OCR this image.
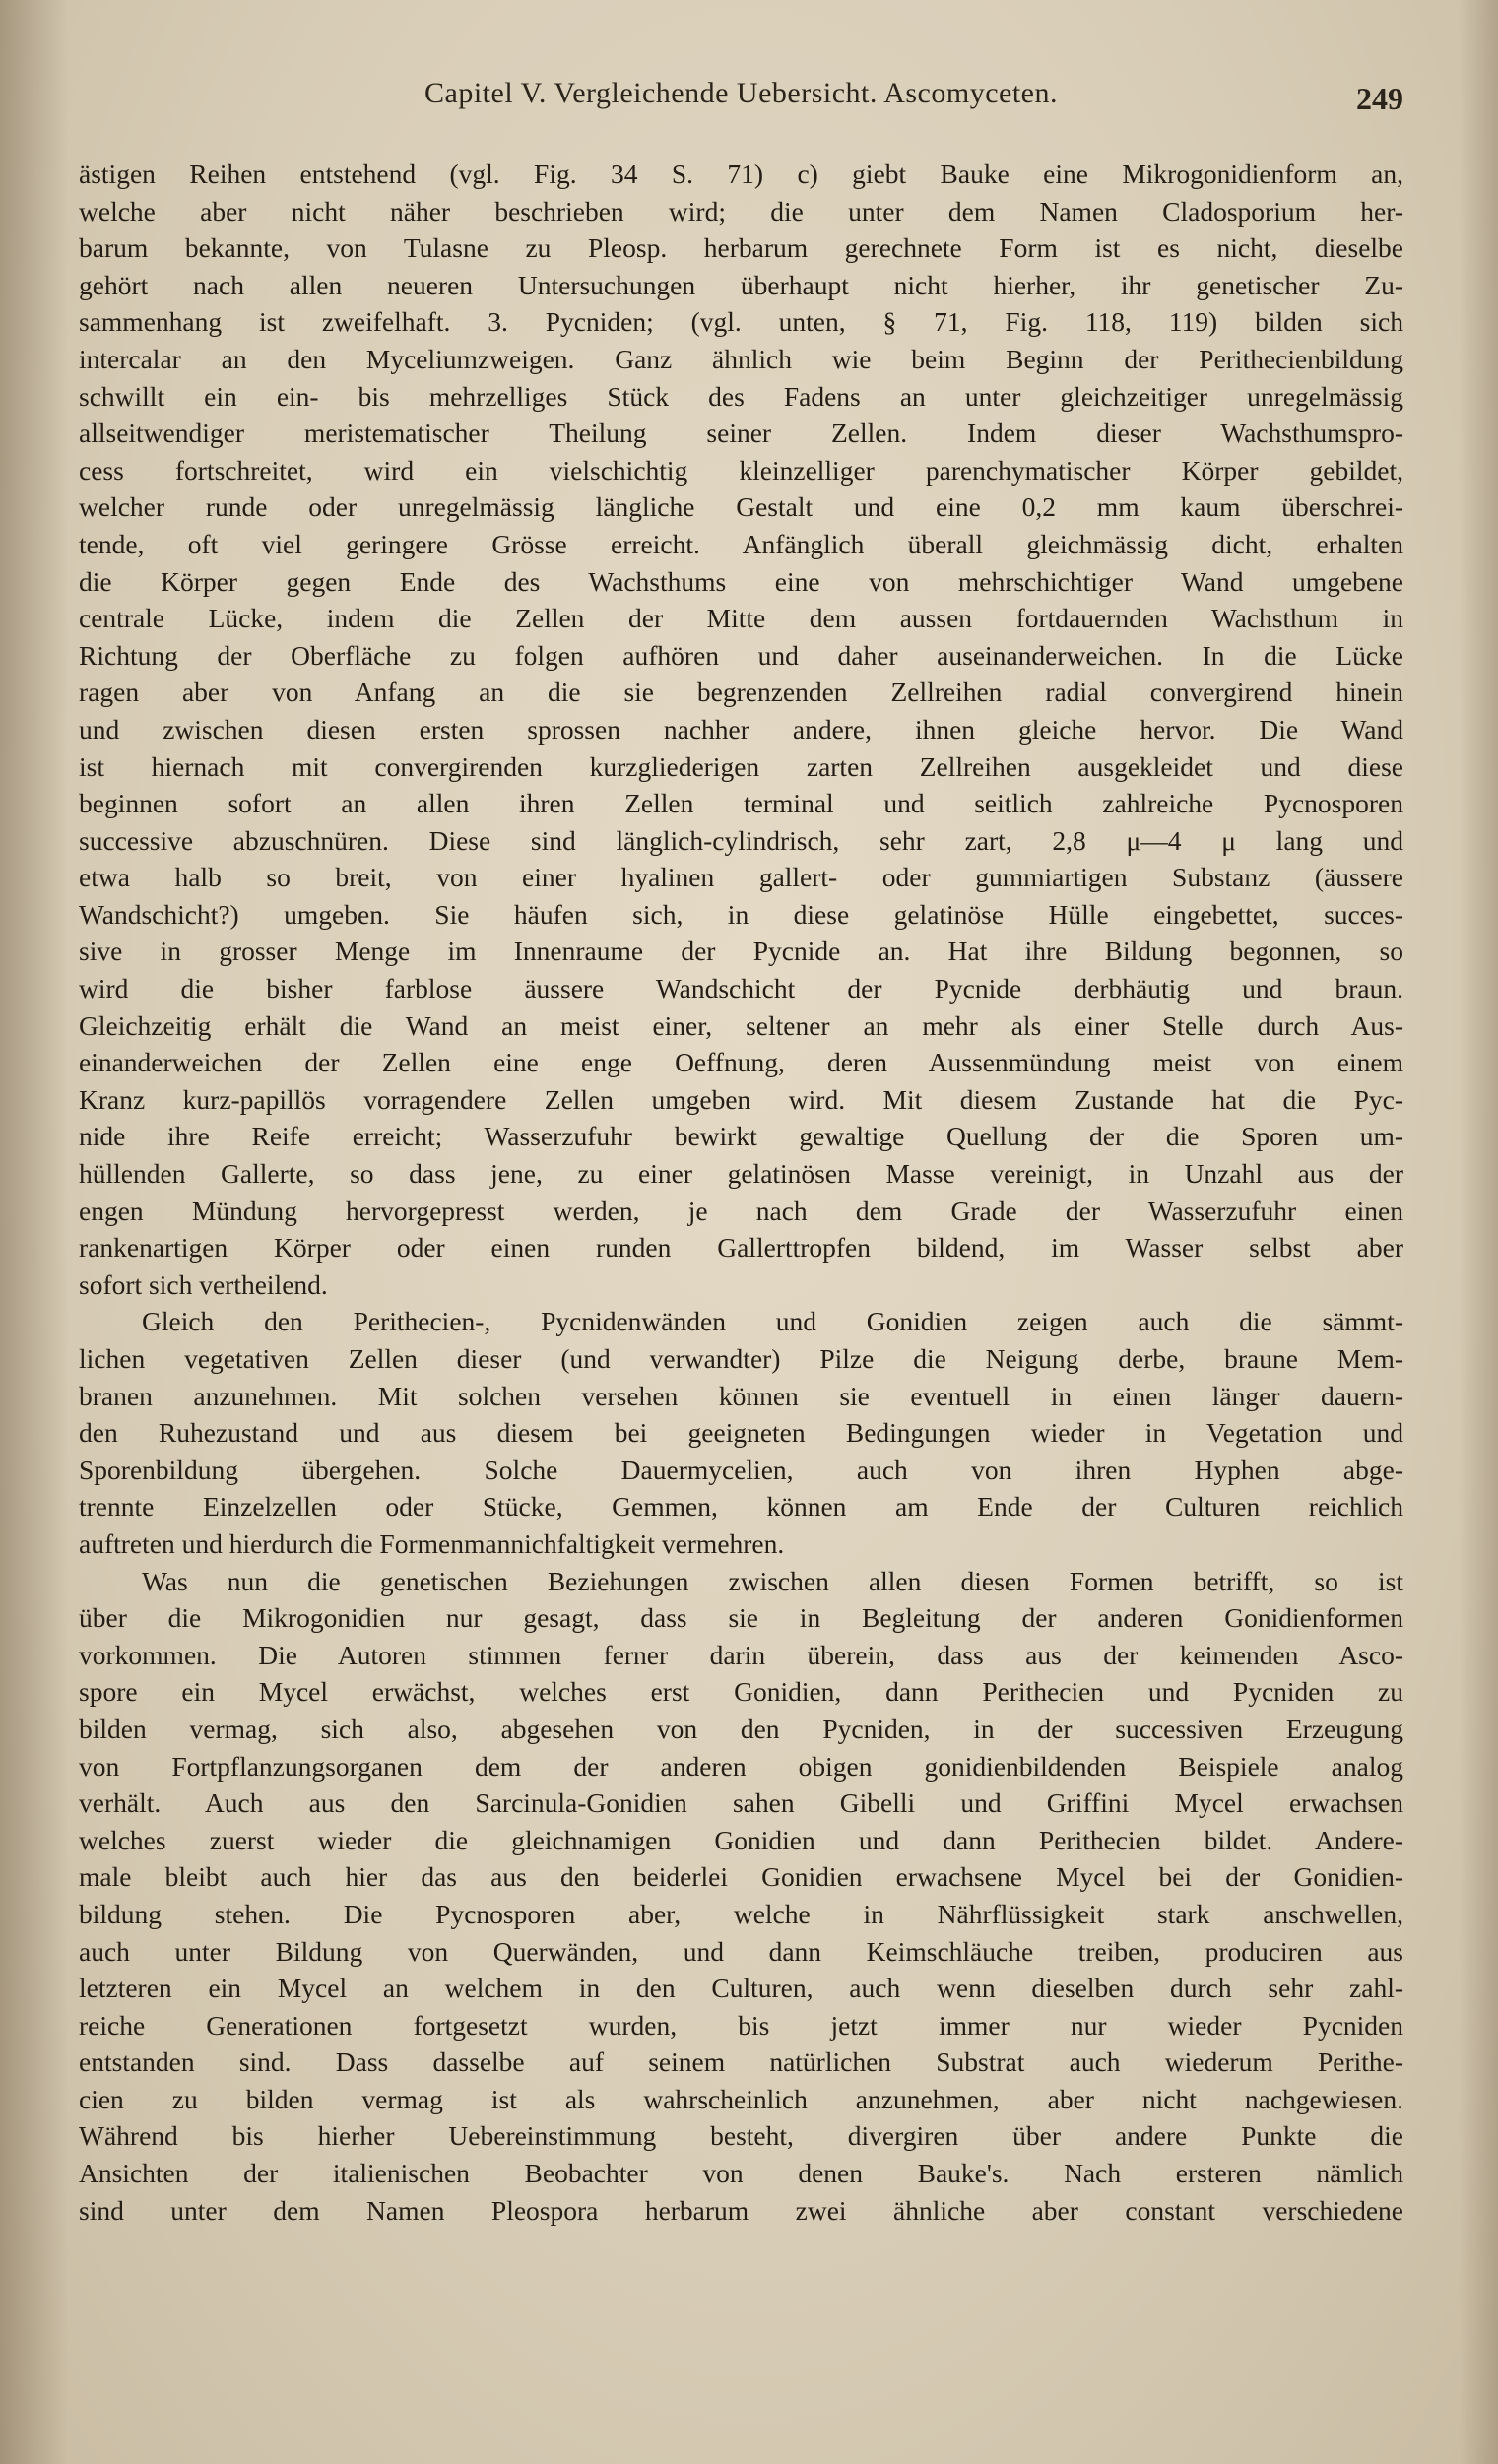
Capitel V. Vergleichende Uebersicht. Ascomyceten.	249
ästigen Reihen entstehend (vgl. Fig. 34 S. 71) c) giebt Bauke eine Mikrogonidienform an,
welche aber nicht näher beschrieben wird; die unter dem Namen Cladosporium her-
barum bekannte, von Tulasne zu Pleosp. herbarum gerechnete Form ist es nicht, dieselbe
gehört nach allen neueren Untersuchungen überhaupt nicht hierher, ihr genetischer Zu-
sammenhang ist zweifelhaft. 3. Pycniden; (vgl. unten, § 71, Fig. 118, 119) bilden sich
intercalar an den Myceliumzweigen. Ganz ähnlich wie beim Beginn der Perithecienbildung
schwillt ein ein- bis mehrzelliges Stück des Fadens an unter gleichzeitiger unregelmässig
allseitwendiger meristematischer Theilung seiner Zellen. Indem dieser Wachsthumspro-
cess fortschreitet, wird ein vielschichtig kleinzelliger parenchymatischer Körper gebildet,
welcher runde oder unregelmässig längliche Gestalt und eine 0,2 mm kaum überschrei-
tende, oft viel geringere Grösse erreicht. Anfänglich überall gleichmässig dicht, erhalten
die Körper gegen Ende des Wachsthums eine von mehrschichtiger Wand umgebene
centrale Lücke, indem die Zellen der Mitte dem aussen fortdauernden Wachsthum in
Richtung der Oberfläche zu folgen aufhören und daher auseinanderweichen. In die Lücke
ragen aber von Anfang an die sie begrenzenden Zellreihen radial convergirend hinein
und zwischen diesen ersten sprossen nachher andere, ihnen gleiche hervor. Die Wand
ist hiernach mit convergirenden kurzgliederigen zarten Zellreihen ausgekleidet und diese
beginnen sofort an allen ihren Zellen terminal und seitlich zahlreiche Pycnosporen
successive abzuschnüren. Diese sind länglich-cylindrisch, sehr zart, 2,8 μ—4 μ lang und
etwa halb so breit, von einer hyalinen gallert- oder gummiartigen Substanz (äussere
Wandschicht?) umgeben. Sie häufen sich, in diese gelatinöse Hülle eingebettet, succes-
sive in grosser Menge im Innenraume der Pycnide an. Hat ihre Bildung begonnen, so
wird die bisher farblose äussere Wandschicht der Pycnide derbhäutig und braun.
Gleichzeitig erhält die Wand an meist einer, seltener an mehr als einer Stelle durch Aus-
einanderweichen der Zellen eine enge Oeffnung, deren Aussenmündung meist von einem
Kranz kurz-papillös vorragendere Zellen umgeben wird. Mit diesem Zustande hat die Pyc-
nide ihre Reife erreicht; Wasserzufuhr bewirkt gewaltige Quellung der die Sporen um-
hüllenden Gallerte, so dass jene, zu einer gelatinösen Masse vereinigt, in Unzahl aus der
engen Mündung hervorgepresst werden, je nach dem Grade der Wasserzufuhr einen
rankenartigen Körper oder einen runden Gallerttropfen bildend, im Wasser selbst aber
sofort sich vertheilend.
Gleich den Perithecien-, Pycnidenwänden und Gonidien zeigen auch die sämmt-
lichen vegetativen Zellen dieser (und verwandter) Pilze die Neigung derbe, braune Mem-
branen anzunehmen. Mit solchen versehen können sie eventuell in einen länger dauern-
den Ruhezustand und aus diesem bei geeigneten Bedingungen wieder in Vegetation und
Sporenbildung übergehen. Solche Dauermycelien, auch von ihren Hyphen abge-
trennte Einzelzellen oder Stücke, Gemmen, können am Ende der Culturen reichlich
auftreten und hierdurch die Formenmannichfaltigkeit vermehren.
Was nun die genetischen Beziehungen zwischen allen diesen Formen betrifft, so ist
über die Mikrogonidien nur gesagt, dass sie in Begleitung der anderen Gonidienformen
vorkommen. Die Autoren stimmen ferner darin überein, dass aus der keimenden Asco-
spore ein Mycel erwächst, welches erst Gonidien, dann Perithecien und Pycniden zu
bilden vermag, sich also, abgesehen von den Pycniden, in der successiven Erzeugung
von Fortpflanzungsorganen dem der anderen obigen gonidienbildenden Beispiele analog
verhält. Auch aus den Sarcinula-Gonidien sahen Gibelli und Griffini Mycel erwachsen
welches zuerst wieder die gleichnamigen Gonidien und dann Perithecien bildet. Andere-
male bleibt auch hier das aus den beiderlei Gonidien erwachsene Mycel bei der Gonidien-
bildung stehen. Die Pycnosporen aber, welche in Nährflüssigkeit stark anschwellen,
auch unter Bildung von Querwänden, und dann Keimschläuche treiben, produciren aus
letzteren ein Mycel an welchem in den Culturen, auch wenn dieselben durch sehr zahl-
reiche Generationen fortgesetzt wurden, bis jetzt immer nur wieder Pycniden
entstanden sind. Dass dasselbe auf seinem natürlichen Substrat auch wiederum Perithe-
cien zu bilden vermag ist als wahrscheinlich anzunehmen, aber nicht nachgewiesen.
Während bis hierher Uebereinstimmung besteht, divergiren über andere Punkte die
Ansichten der italienischen Beobachter von denen Bauke's. Nach ersteren nämlich
sind unter dem Namen Pleospora herbarum zwei ähnliche aber constant verschiedene
